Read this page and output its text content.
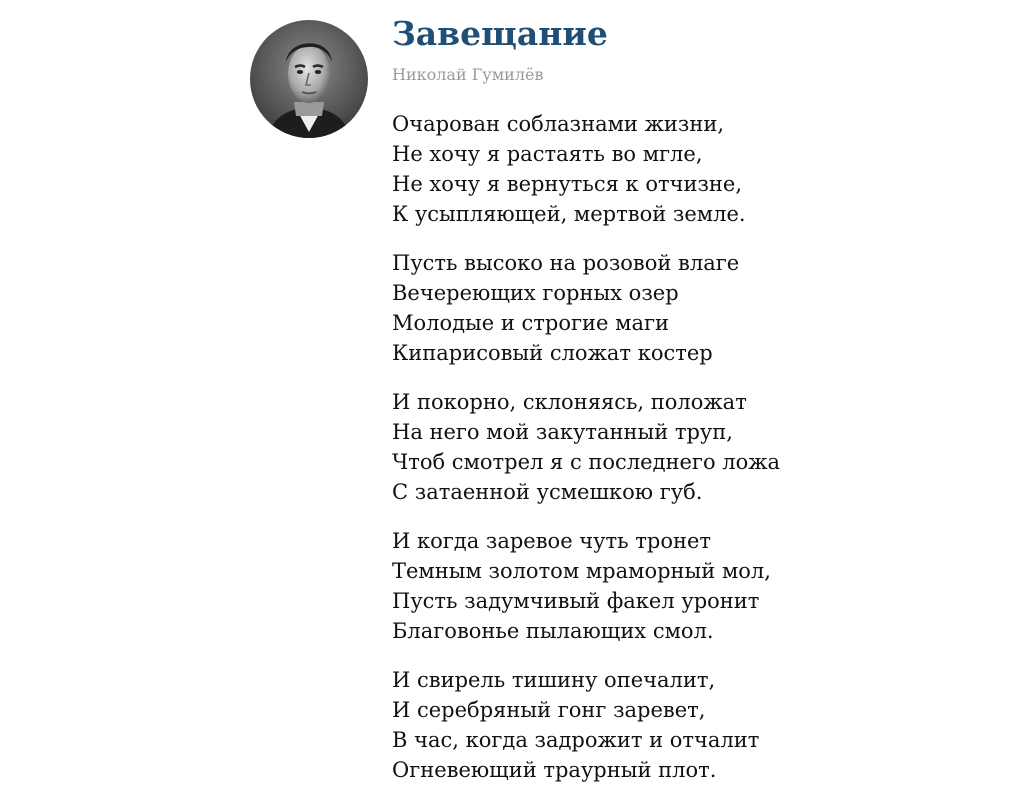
Завещание
Николай Гумилёв
Очарован соблазнами жизни,
Не хочу я растаять во мгле,
Не хочу я вернуться к отчизне,
К усыпляющей, мертвой земле.
Пусть высоко на розовой влаге
Вечереющих горных озер
Молодые и строгие маги
Кипарисовый сложат костер
И покорно, склоняясь, положат
На него мой закутанный труп,
Чтоб смотрел я с последнего ложа
С затаенной усмешкою губ.
И когда заревое чуть тронет
Темным золотом мраморный мол,
Пусть задумчивый факел уронит
Благовонье пылающих смол.
И свирель тишину опечалит,
И серебряный гонг заревет,
В час, когда задрожит и отчалит
Огневеющий траурный плот.
